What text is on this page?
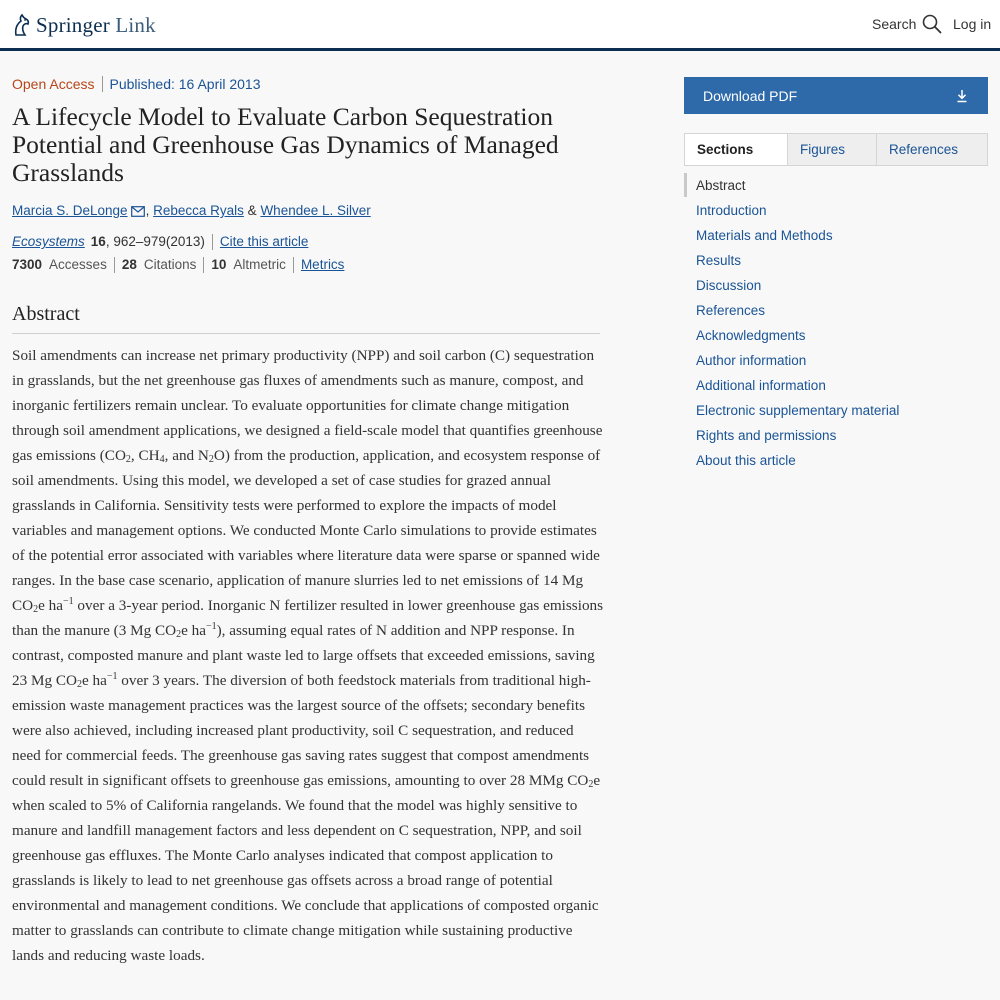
Springer Link	Search	Log in
Open Access Published: 16 April 2013
A Lifecycle Model to Evaluate Carbon Sequestration Potential and Greenhouse Gas Dynamics of Managed Grasslands
Marcia S. DeLonge , Rebecca Ryals & Whendee L. Silver
Ecosystems 16 , 962–979(2013) Cite this article
7300 Accesses 28 Citations 10 Altmetric Metrics
Abstract

Soil amendments can increase net primary productivity (NPP) and soil carbon (C) sequestration in grasslands, but the net greenhouse gas fluxes of amendments such as manure, compost, and inorganic fertilizers remain unclear. To evaluate opportunities for climate change mitigation through soil amendment applications, we designed a field-scale model that quantifies greenhouse gas emissions ($CO_2$, $CH_4$, and $N_2O$) from the production, application, and ecosystem response of soil amendments. Using this model, we developed a set of case studies for grazed annual grasslands in California. Sensitivity tests were performed to explore the impacts of model variables and management options. We conducted Monte Carlo simulations to provide estimates of the potential error associated with variables where literature data were sparse or spanned wide ranges. In the base case scenario, application of manure slurries led to net emissions of 14 Mg $CO_2e$ $ha^{-1}$ over a 3-year period. Inorganic N fertilizer resulted in lower greenhouse gas emissions than the manure (3 Mg $CO_2e$ $ha^{-1}$), assuming equal rates of N addition and NPP response. In contrast, composted manure and plant waste led to large offsets that exceeded emissions, saving 23 Mg $CO_2e$ $ha^{-1}$ over 3 years. The diversion of both feedstock materials from traditional high-emission waste management practices was the largest source of the offsets; secondary benefits were also achieved, including increased plant productivity, soil C sequestration, and reduced need for commercial feeds. The greenhouse gas saving rates suggest that compost amendments could result in significant offsets to greenhouse gas emissions, amounting to over 28 MMg $CO_2e$ when scaled to 5% of California rangelands. We found that the model was highly sensitive to manure and landfill management factors and less dependent on C sequestration, NPP, and soil greenhouse gas effluxes. The Monte Carlo analyses indicated that compost application to grasslands is likely to lead to net greenhouse gas offsets across a broad range of potential environmental and management conditions. We conclude that applications of composted organic matter to grasslands can contribute to climate change mitigation while sustaining productive lands and reducing waste loads.

Download PDF
Sections	Figures	References
Abstract
Introduction
Materials and Methods
Results
Discussion
References
Acknowledgments
Author information
Additional information
Electronic supplementary material
Rights and permissions
About this article
